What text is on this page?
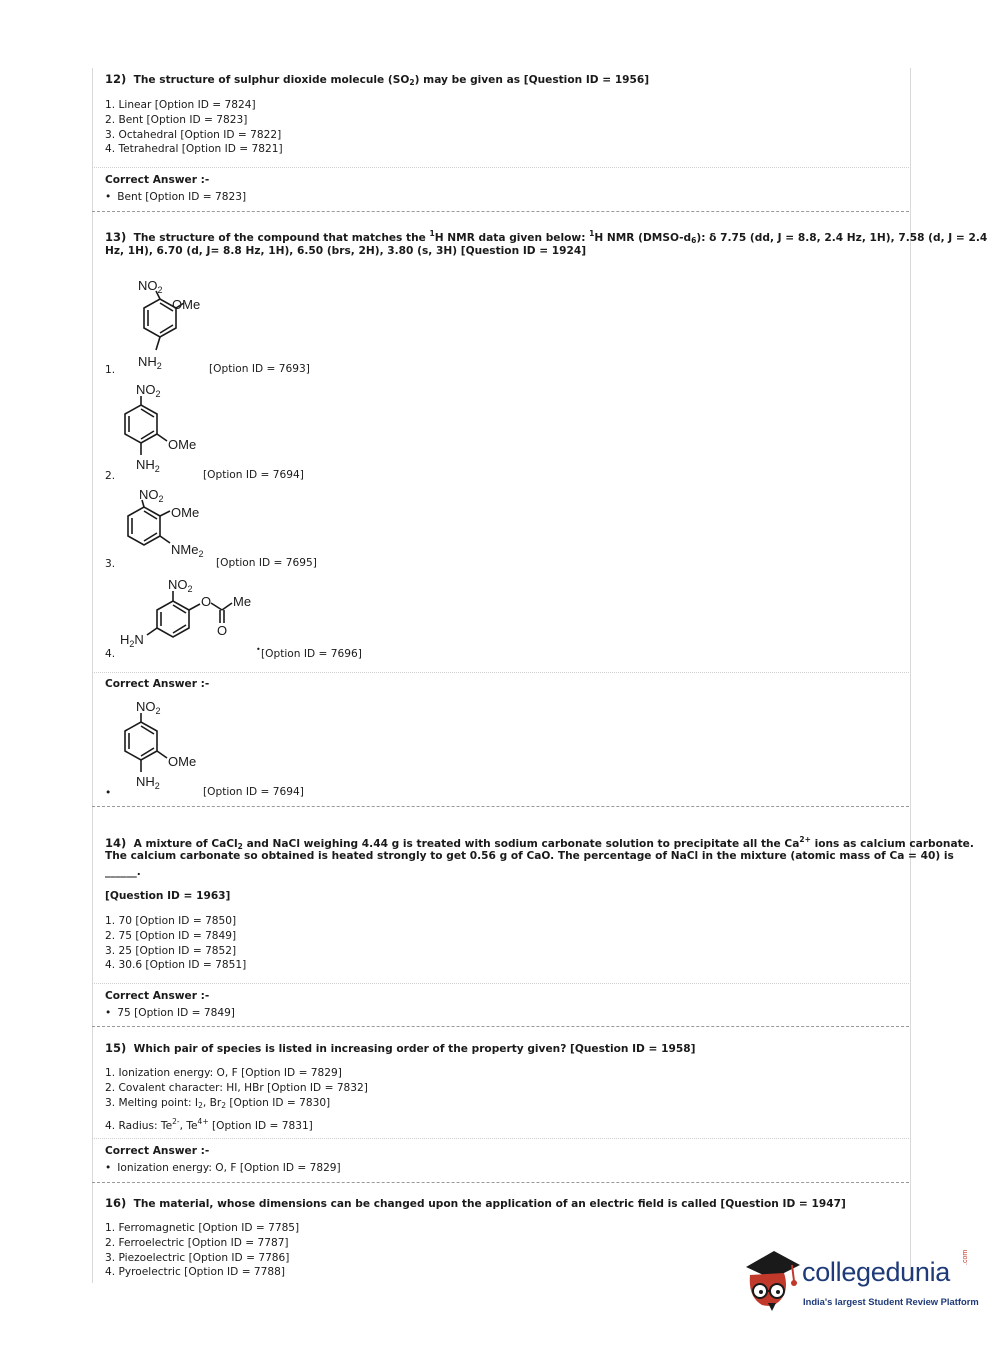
12) The structure of sulphur dioxide molecule $(SO_2)$ may be given as [Question ID = 1956]
1. Linear [Option ID = 7824]
2. Bent [Option ID = 7823]
3. Octahedral [Option ID = 7822]
4. Tetrahedral [Option ID = 7821]
Correct Answer :-
• Bent [Option ID = 7823]
13) The structure of the compound that matches the $^1$H NMR data given below: $^1$H NMR $(DMSO-d_6)$: δ 7.75 (dd, J = 8.8, 2.4 Hz, 1H), 7.58 (d, J = 2.4
Hz, 1H), 6.70 (d, J= 8.8 Hz, 1H), 6.50 (brs, 2H), 3.80 (s, 3H) [Question ID = 1924]
$NO_2$
OMe
$NH_2$
1.	[Option ID = 7693]
$NO_2$
OMe
$NH_2$
2.	[Option ID = 7694]
$NO_2$
OMe
NMe$_2$
3.	[Option ID = 7695]
$NO_2$
O Me
O
$H_2N$
4.	• [Option ID = 7696]
Correct Answer :-
$NO_2$
OMe
$NH_2$
•	[Option ID = 7694]
14) A mixture of CaCl$_2$ and NaCl weighing 4.44 g is treated with sodium carbonate solution to precipitate all the $Ca^{2+}$ ions as calcium carbonate.
The calcium carbonate so obtained is heated strongly to get 0.56 g of CaO. The percentage of NaCl in the mixture (atomic mass of Ca = 40) is
______.
[Question ID = 1963]
1. 70 [Option ID = 7850]
2. 75 [Option ID = 7849]
3. 25 [Option ID = 7852]
4. 30.6 [Option ID = 7851]
Correct Answer :-
• 75 [Option ID = 7849]
15) Which pair of species is listed in increasing order of the property given? [Question ID = 1958]
1. Ionization energy: O, F [Option ID = 7829]
2. Covalent character: HI, HBr [Option ID = 7832]
3. Melting point: $I_2$, $Br_2$ [Option ID = 7830]
4. Radius: $Te^{2-}$, $Te^{4+}$ [Option ID = 7831]
Correct Answer :-
• Ionization energy: O, F [Option ID = 7829]
16) The material, whose dimensions can be changed upon the application of an electric field is called [Question ID = 1947]
1. Ferromagnetic [Option ID = 7785]
2. Ferroelectric [Option ID = 7787]
3. Piezoelectric [Option ID = 7786]
4. Pyroelectric [Option ID = 7788]	collegedunia .com
India's largest Student Review Platform
